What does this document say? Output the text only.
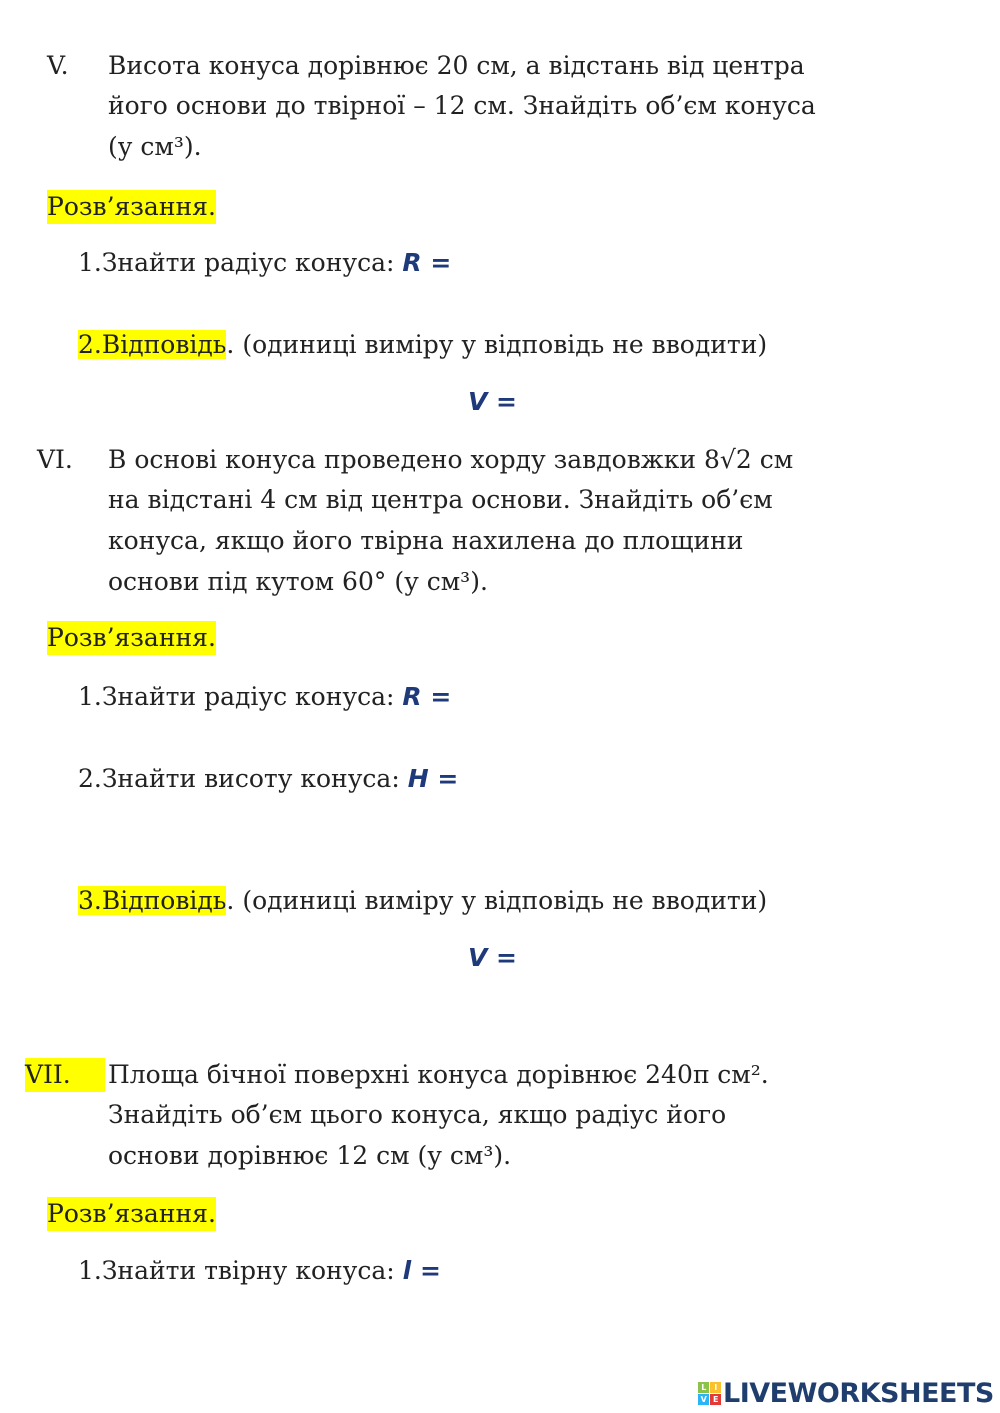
V. Висота конуса дорівнює 20 см, а відстань від центра
його основи до твірної – 12 см. Знайдіть об’єм конуса
(у см³).
Розв’язання.
1.Знайти радіус конуса: R =
2.Відповідь. (одиниці виміру у відповідь не вводити)
V =
VI. В основі конуса проведено хорду завдовжки 8√2 см
на відстані 4 см від центра основи. Знайдіть об’єм
конуса, якщо його твірна нахилена до площини
основи під кутом 60° (у см³).
Розв’язання.
1.Знайти радіус конуса: R =
2.Знайти висоту конуса: H =
3.Відповідь. (одиниці виміру у відповідь не вводити)
V =
VII.	Площа бічної поверхні конуса дорівнює 240π см².
Знайдіть об’єм цього конуса, якщо радіус його
основи дорівнює 12 см (у см³).
Розв’язання.
1.Знайти твірну конуса: l =
L	I
V E LIVEWORKSHEETS
